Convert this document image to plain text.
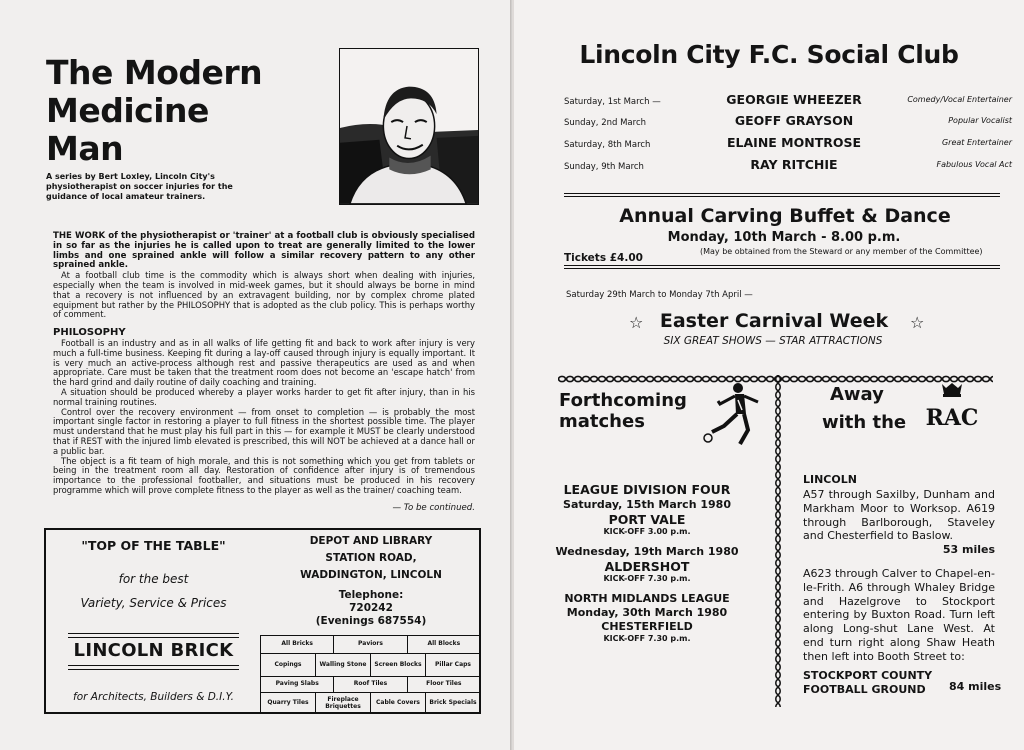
The Modern
Medicine
Man
A series by Bert Loxley, Lincoln City's physiotherapist on soccer injuries for the guidance of local amateur trainers.

THE WORK of the physiotherapist or 'trainer' at a football club is obviously specialised in so far as the injuries he is called upon to treat are generally limited to the lower limbs and one sprained ankle will follow a similar recovery pattern to any other sprained ankle.

At a football club time is the commodity which is always short when dealing with injuries, especially when the team is involved in mid-week games, but it should always be borne in mind that a recovery is not influenced by an extravagent building, nor by complex chrome plated equipment but rather by the PHILOSOPHY that is adopted as the club policy. This is perhaps worthy of comment.

PHILOSOPHY

Football is an industry and as in all walks of life getting fit and back to work after injury is very much a full-time business. Keeping fit during a lay-off caused through injury is equally important. It is very much an active-process although rest and passive therapeutics are used as and when appropriate. Care must be taken that the treatment room does not become an 'escape hatch' from the hard grind and daily routine of daily coaching and training.

A situation should be produced whereby a player works harder to get fit after injury, than in his normal training routines.

Control over the recovery environment — from onset to completion — is probably the most important single factor in restoring a player to full fitness in the shortest possible time. The player must understand that he must play his full part in this — for example it MUST be clearly understood that if REST with the injured limb elevated is prescribed, this will NOT be achieved at a dance hall or a public bar.

The object is a fit team of high morale, and this is not something which you get from tablets or being in the treatment room all day. Restoration of confidence after injury is of tremendous importance to the professional footballer, and situations must be produced in his recovery programme which will prove complete fitness to the player as well as the trainer/ coaching team.

— To be continued.

"TOP OF THE TABLE"
for the best
Variety, Service & Prices
LINCOLN BRICK
for Architects, Builders & D.I.Y.
DEPOT AND LIBRARY
STATION ROAD,
WADDINGTON, LINCOLN
Telephone:
720242
(Evenings 687554)
All Bricks	Paviors	All Blocks
Copings	Walling Stone	Screen Blocks	Pillar Caps
Paving Slabs	Roof Tiles	Floor Tiles
Quarry Tiles	Fireplace Briquettes	Cable Covers	Brick Specials
Lincoln City F.C. Social Club
Saturday, 1st March —	GEORGIE WHEEZER	Comedy/Vocal Entertainer
Sunday, 2nd March	GEOFF GRAYSON	Popular Vocalist
Saturday, 8th March	ELAINE MONTROSE	Great Entertainer
Sunday, 9th March	RAY RITCHIE	Fabulous Vocal Act
Annual Carving Buffet & Dance
Monday, 10th March - 8.00 p.m.
Tickets £4.00
(May be obtained from the Steward or any member of the Committee)
Saturday 29th March to Monday 7th April —
☆ Easter Carnival Week	☆
SIX GREAT SHOWS — STAR ATTRACTIONS
Forthcoming
matches
Away
with the RAC
LEAGUE DIVISION FOUR
Saturday, 15th March 1980
PORT VALE
KICK-OFF 3.00 p.m.
Wednesday, 19th March 1980
ALDERSHOT
KICK-OFF 7.30 p.m.
NORTH MIDLANDS LEAGUE
Monday, 30th March 1980
CHESTERFIELD
KICK-OFF 7.30 p.m.
LINCOLN
A57 through Saxilby, Dunham and Markham Moor to Worksop. A619 through Barlborough, Staveley and Chesterfield to Baslow.
53 miles
A623 through Calver to Chapel-en-le-Frith. A6 through Whaley Bridge and Hazelgrove to Stockport entering by Buxton Road. Turn left along Long-shut Lane West. At end turn right along Shaw Heath then left into Booth Street to:
STOCKPORT COUNTY
FOOTBALL GROUND	84 miles
